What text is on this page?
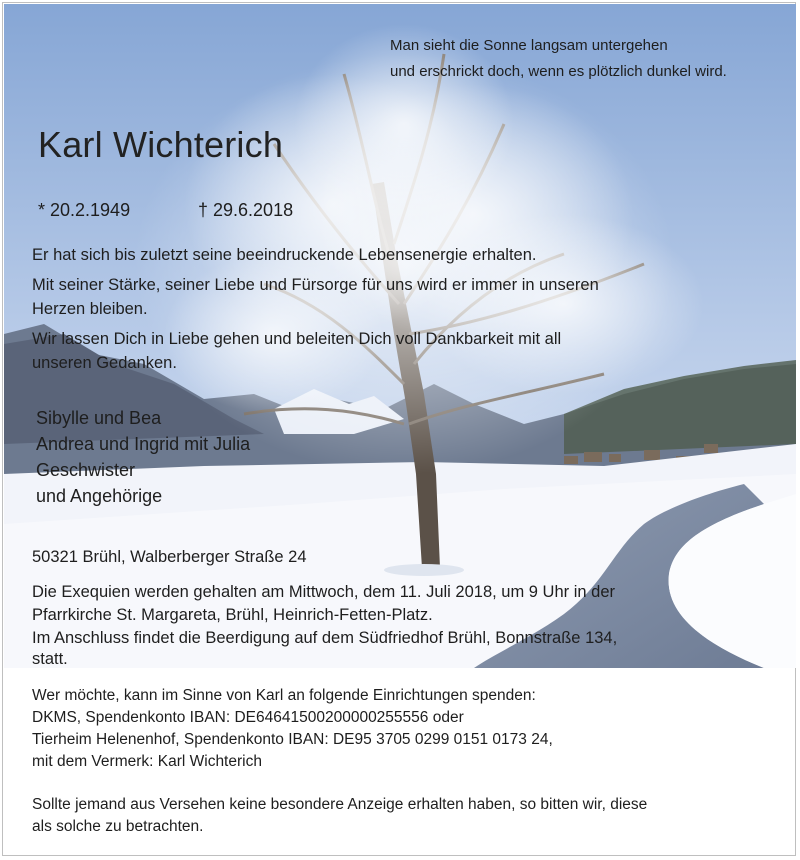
Man sieht die Sonne langsam untergehen
und erschrickt doch, wenn es plötzlich dunkel wird.
Karl Wichterich
* 20.2.1949	† 29.6.2018
Er hat sich bis zuletzt seine beeindruckende Lebensenergie erhalten.
Mit seiner Stärke, seiner Liebe und Fürsorge für uns wird er immer in unseren
Herzen bleiben.
Wir lassen Dich in Liebe gehen und beleiten Dich voll Dankbarkeit mit all
unseren Gedanken.
Sibylle und Bea
Andrea und Ingrid mit Julia
Geschwister
und Angehörige
50321 Brühl, Walberberger Straße 24
Die Exequien werden gehalten am Mittwoch, dem 11. Juli 2018, um 9 Uhr in der
Pfarrkirche St. Margareta, Brühl, Heinrich-Fetten-Platz.
Im Anschluss findet die Beerdigung auf dem Südfriedhof Brühl, Bonnstraße 134,
statt.
Wer möchte, kann im Sinne von Karl an folgende Einrichtungen spenden:
DKMS, Spendenkonto IBAN: DE64641500200000255556 oder
Tierheim Helenenhof, Spendenkonto IBAN: DE95 3705 0299 0151 0173 24,
mit dem Vermerk: Karl Wichterich
Sollte jemand aus Versehen keine besondere Anzeige erhalten haben, so bitten wir, diese
als solche zu betrachten.
